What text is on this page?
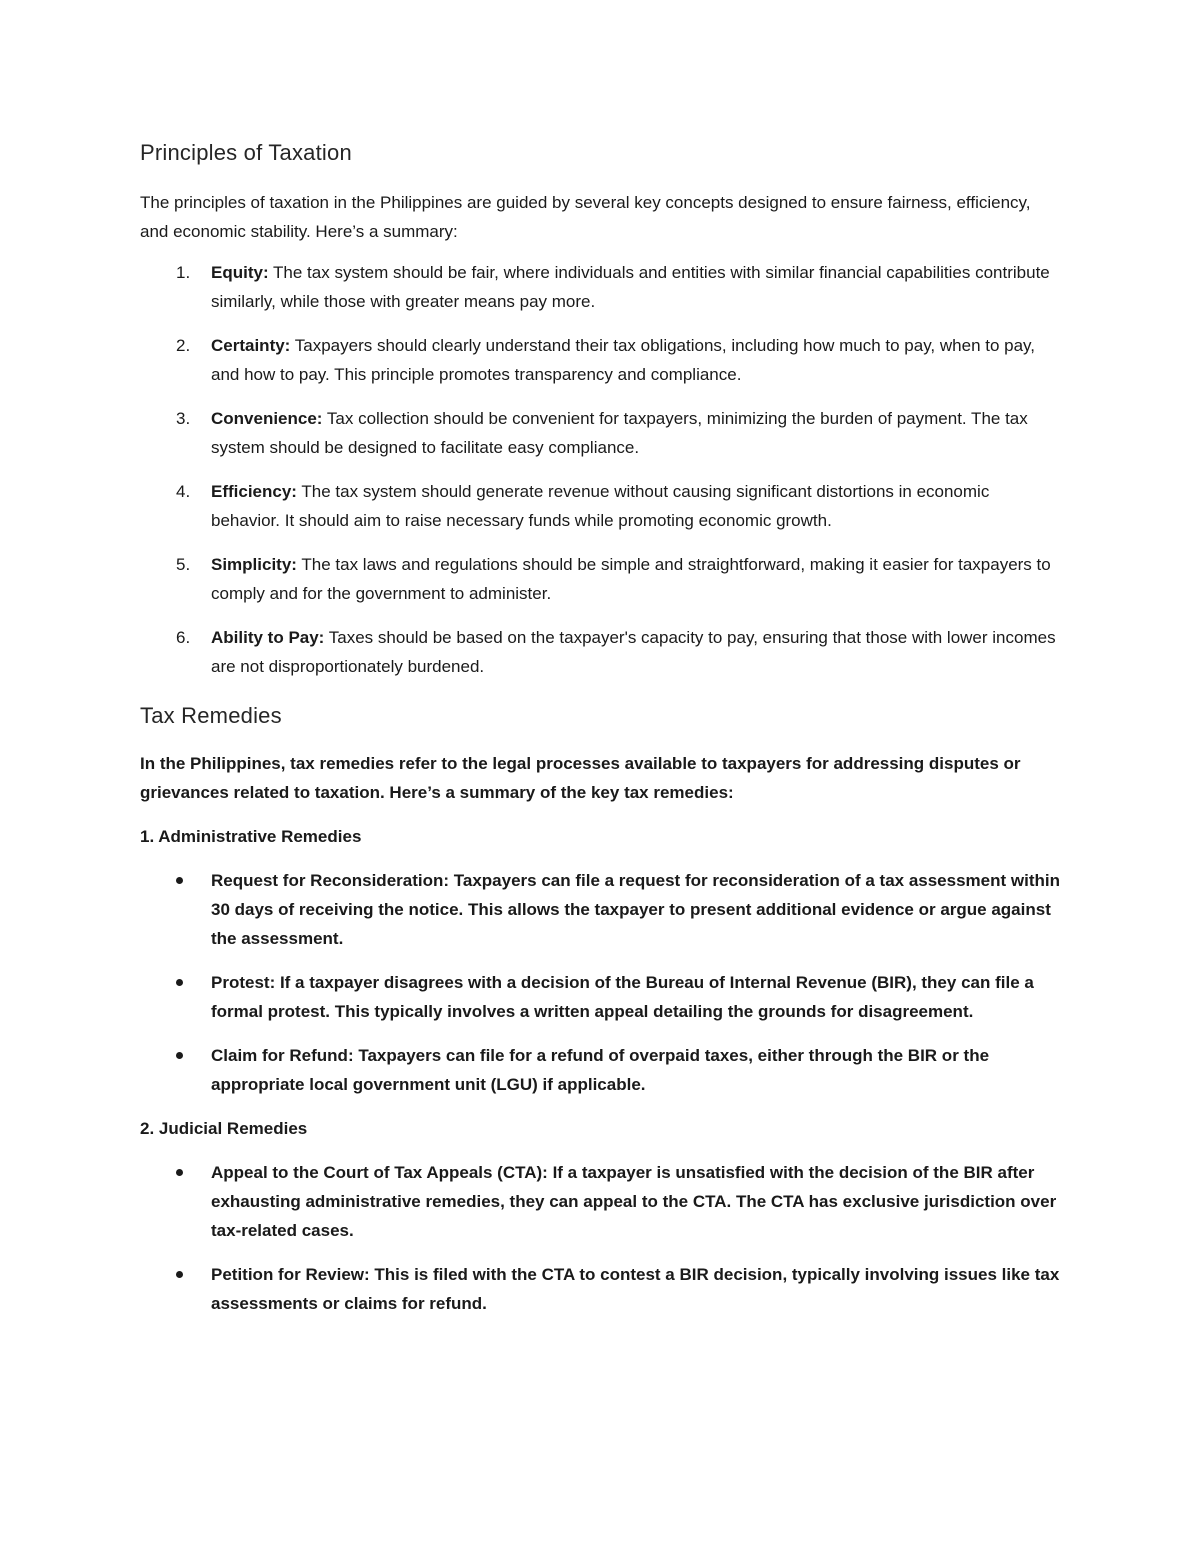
Principles of Taxation

The principles of taxation in the Philippines are guided by several key concepts designed to ensure fairness, efficiency, and economic stability. Here’s a summary:

1. Equity: The tax system should be fair, where individuals and entities with similar financial capabilities contribute similarly, while those with greater means pay more.
2. Certainty: Taxpayers should clearly understand their tax obligations, including how much to pay, when to pay, and how to pay. This principle promotes transparency and compliance.
3. Convenience: Tax collection should be convenient for taxpayers, minimizing the burden of payment. The tax system should be designed to facilitate easy compliance.
4. Efficiency: The tax system should generate revenue without causing significant distortions in economic behavior. It should aim to raise necessary funds while promoting economic growth.
5. Simplicity: The tax laws and regulations should be simple and straightforward, making it easier for taxpayers to comply and for the government to administer.
6. Ability to Pay: Taxes should be based on the taxpayer's capacity to pay, ensuring that those with lower incomes are not disproportionately burdened.
Tax Remedies

In the Philippines, tax remedies refer to the legal processes available to taxpayers for addressing disputes or grievances related to taxation. Here’s a summary of the key tax remedies:

1. Administrative Remedies

Request for Reconsideration: Taxpayers can file a request for reconsideration of a tax assessment within 30 days of receiving the notice. This allows the taxpayer to present additional evidence or argue against the assessment.
Protest: If a taxpayer disagrees with a decision of the Bureau of Internal Revenue (BIR), they can file a formal protest. This typically involves a written appeal detailing the grounds for disagreement.
Claim for Refund: Taxpayers can file for a refund of overpaid taxes, either through the BIR or the appropriate local government unit (LGU) if applicable.

2. Judicial Remedies

Appeal to the Court of Tax Appeals (CTA): If a taxpayer is unsatisfied with the decision of the BIR after exhausting administrative remedies, they can appeal to the CTA. The CTA has exclusive jurisdiction over tax-related cases.
Petition for Review: This is filed with the CTA to contest a BIR decision, typically involving issues like tax assessments or claims for refund.
